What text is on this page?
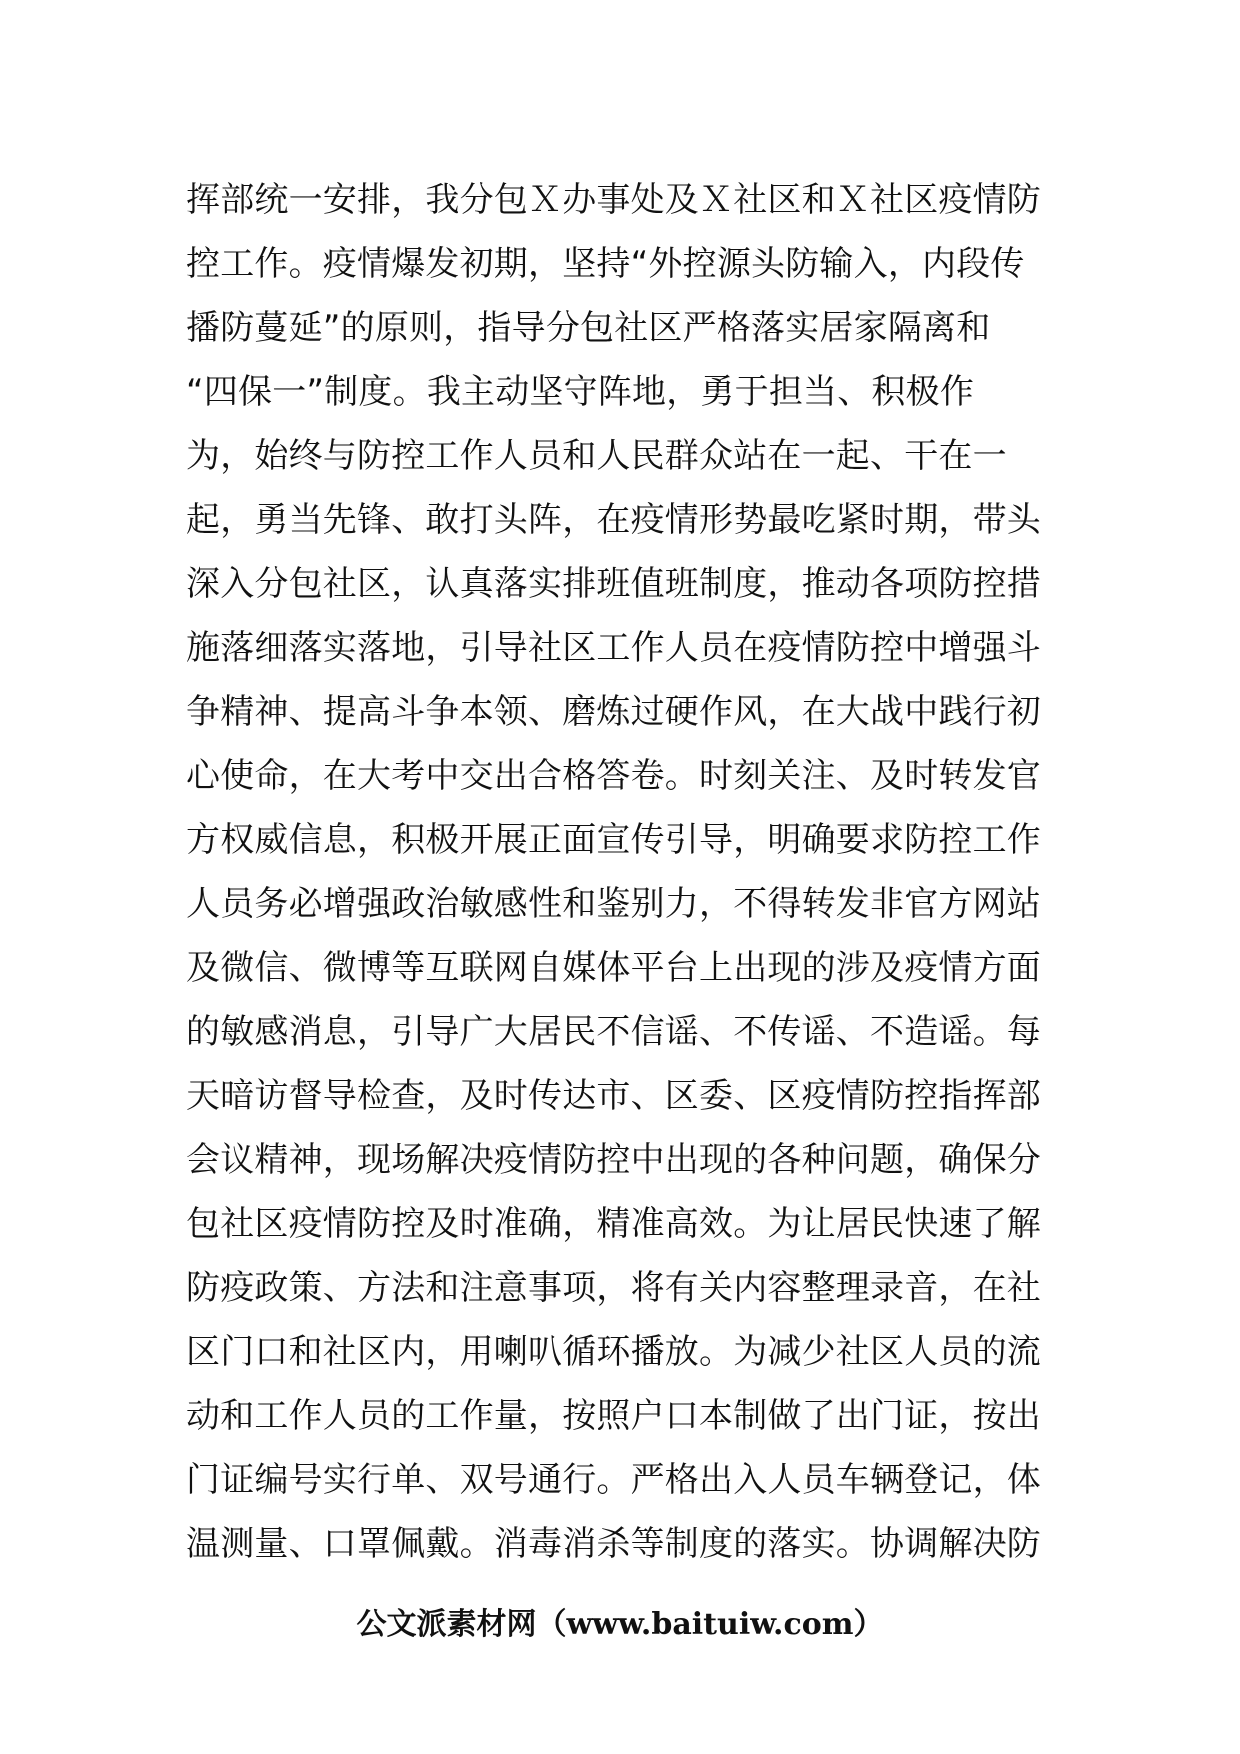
挥部统一安排，我分包Ｘ办事处及Ｘ社区和Ｘ社区疫情防
控工作。疫情爆发初期，坚持“外控源头防输入，内段传
播防蔓延”的原则，指导分包社区严格落实居家隔离和
“四保一”制度。我主动坚守阵地，勇于担当、积极作
为，始终与防控工作人员和人民群众站在一起、干在一
起，勇当先锋、敢打头阵，在疫情形势最吃紧时期，带头
深入分包社区，认真落实排班值班制度，推动各项防控措
施落细落实落地，引导社区工作人员在疫情防控中增强斗
争精神、提高斗争本领、磨炼过硬作风，在大战中践行初
心使命，在大考中交出合格答卷。时刻关注、及时转发官
方权威信息，积极开展正面宣传引导，明确要求防控工作
人员务必增强政治敏感性和鉴别力，不得转发非官方网站
及微信、微博等互联网自媒体平台上出现的涉及疫情方面
的敏感消息，引导广大居民不信谣、不传谣、不造谣。每
天暗访督导检查，及时传达市、区委、区疫情防控指挥部
会议精神，现场解决疫情防控中出现的各种问题，确保分
包社区疫情防控及时准确，精准高效。为让居民快速了解
防疫政策、方法和注意事项，将有关内容整理录音，在社
区门口和社区内，用喇叭循环播放。为减少社区人员的流
动和工作人员的工作量，按照户口本制做了出门证，按出
门证编号实行单、双号通行。严格出入人员车辆登记，体
温测量、口罩佩戴。消毒消杀等制度的落实。协调解决防
公文派素材网（www.baituiw.com）
